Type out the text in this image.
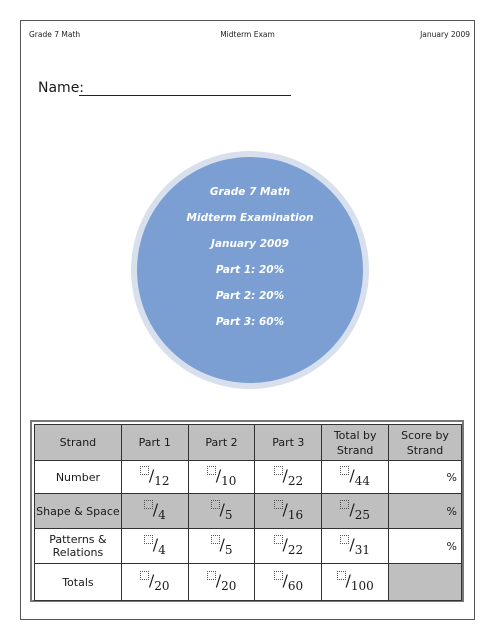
Grade 7 Math	Midterm Exam	January 2009
Name:
Grade 7 Math
Midterm Examination
January 2009
Part 1: 20%
Part 2: 20%
Part 3: 60%
Strand	Part 1	Part 2	Part 3	Total by Strand	Score by Strand
Number	/12	/10	/22	/44	%
Shape & Space	/4	/5	/16	/25	%
Patterns & Relations	/4	/5	/22	/31	%
Totals	/20	/20	/60	/100	
